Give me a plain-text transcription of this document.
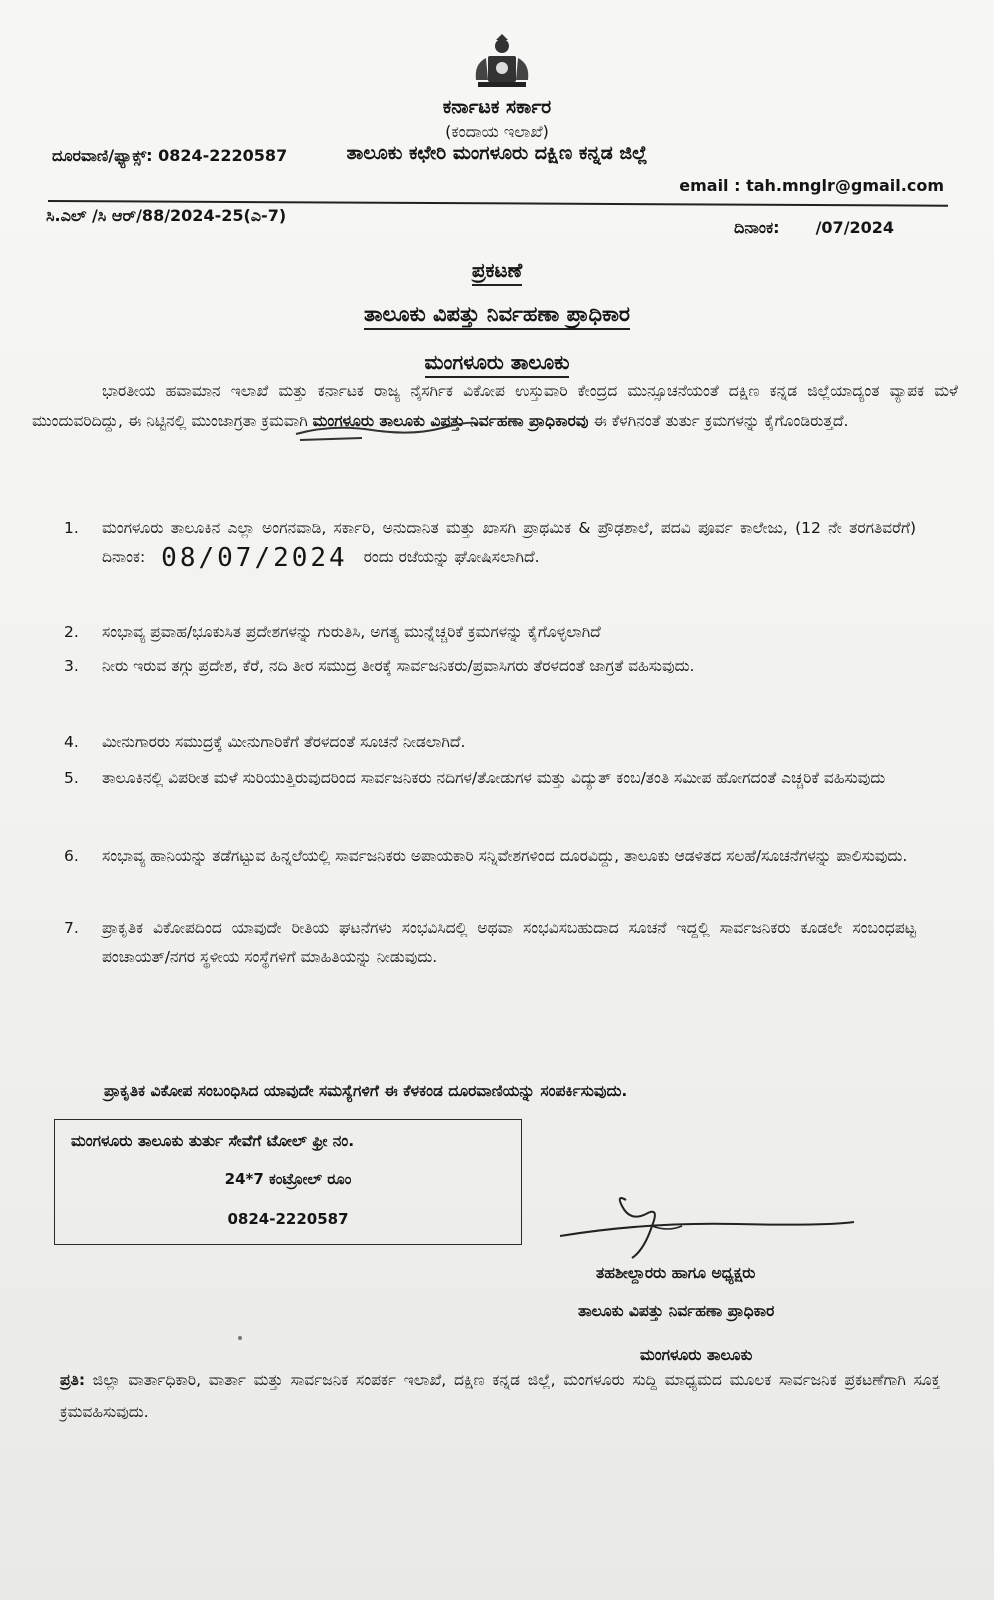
ಕರ್ನಾಟಕ ಸರ್ಕಾರ
(ಕಂದಾಯ ಇಲಾಖೆ)
ತಾಲೂಕು ಕಛೇರಿ ಮಂಗಳೂರು ದಕ್ಷಿಣ ಕನ್ನಡ ಜಿಲ್ಲೆ
ದೂರವಾಣಿ/ಫ್ಯಾಕ್ಸ್: 0824-2220587
email : tah.mnglr@gmail.com
ಸಿ.ಎಲ್ /ಸಿ ಆರ್/88/2024-25(ಎ-7)
ದಿನಾಂಕ: /07/2024
ಪ್ರಕಟಣೆ
ತಾಲೂಕು ವಿಪತ್ತು ನಿರ್ವಹಣಾ ಪ್ರಾಧಿಕಾರ
ಮಂಗಳೂರು ತಾಲೂಕು
ಭಾರತೀಯ ಹವಾಮಾನ ಇಲಾಖೆ ಮತ್ತು ಕರ್ನಾಟಕ ರಾಜ್ಯ ನೈಸರ್ಗಿಕ ವಿಕೋಪ ಉಸ್ತುವಾರಿ ಕೇಂದ್ರದ ಮುನ್ಸೂಚನೆಯಂತೆ ದಕ್ಷಿಣ ಕನ್ನಡ ಜಿಲ್ಲೆಯಾದ್ಯಂತ ವ್ಯಾಪಕ ಮಳೆ ಮುಂದುವರಿದಿದ್ದು, ಈ ನಿಟ್ಟಿನಲ್ಲಿ ಮುಂಜಾಗ್ರತಾ ಕ್ರಮವಾಗಿ ಮಂಗಳೂರು ತಾಲೂಕು ವಿಪತ್ತು ನಿರ್ವಹಣಾ ಪ್ರಾಧಿಕಾರವು ಈ ಕೆಳಗಿನಂತೆ ತುರ್ತು ಕ್ರಮಗಳನ್ನು ಕೈಗೊಂಡಿರುತ್ತದೆ.
1.	ಮಂಗಳೂರು ತಾಲೂಕಿನ ಎಲ್ಲಾ ಅಂಗನವಾಡಿ, ಸರ್ಕಾರಿ, ಅನುದಾನಿತ ಮತ್ತು ಖಾಸಗಿ ಪ್ರಾಥಮಿಕ & ಪ್ರೌಢಶಾಲೆ, ಪದವಿ ಪೂರ್ವ ಕಾಲೇಜು, (12 ನೇ ತರಗತಿವರೆಗೆ) ದಿನಾಂಕ: 08/07/2024 ರಂದು ರಜೆಯನ್ನು ಘೋಷಿಸಲಾಗಿದೆ.
2.	ಸಂಭಾವ್ಯ ಪ್ರವಾಹ/ಭೂಕುಸಿತ ಪ್ರದೇಶಗಳನ್ನು ಗುರುತಿಸಿ, ಅಗತ್ಯ ಮುನ್ನೆಚ್ಚರಿಕೆ ಕ್ರಮಗಳನ್ನು ಕೈಗೊಳ್ಳಲಾಗಿದೆ
3.	ನೀರು ಇರುವ ತಗ್ಗು ಪ್ರದೇಶ, ಕೆರೆ, ನದಿ ತೀರ ಸಮುದ್ರ ತೀರಕ್ಕೆ ಸಾರ್ವಜನಿಕರು/ಪ್ರವಾಸಿಗರು ತೆರಳದಂತೆ ಜಾಗ್ರತೆ ವಹಿಸುವುದು.
4.	ಮೀನುಗಾರರು ಸಮುದ್ರಕ್ಕೆ ಮೀನುಗಾರಿಕೆಗೆ ತೆರಳದಂತೆ ಸೂಚನೆ ನೀಡಲಾಗಿದೆ.
5.	ತಾಲೂಕಿನಲ್ಲಿ ವಿಪರೀತ ಮಳೆ ಸುರಿಯುತ್ತಿರುವುದರಿಂದ ಸಾರ್ವಜನಿಕರು ನದಿಗಳ/ತೋಡುಗಳ ಮತ್ತು ವಿದ್ಯುತ್ ಕಂಬ/ತಂತಿ ಸಮೀಪ ಹೋಗದಂತೆ ಎಚ್ಚರಿಕೆ ವಹಿಸುವುದು
6.	ಸಂಭಾವ್ಯ ಹಾನಿಯನ್ನು ತಡೆಗಟ್ಟುವ ಹಿನ್ನಲೆಯಲ್ಲಿ ಸಾರ್ವಜನಿಕರು ಅಪಾಯಕಾರಿ ಸನ್ನಿವೇಶಗಳಿಂದ ದೂರವಿದ್ದು, ತಾಲೂಕು ಆಡಳಿತದ ಸಲಹೆ/ಸೂಚನೆಗಳನ್ನು ಪಾಲಿಸುವುದು.
7.	ಪ್ರಾಕೃತಿಕ ವಿಕೋಪದಿಂದ ಯಾವುದೇ ರೀತಿಯ ಘಟನೆಗಳು ಸಂಭವಿಸಿದಲ್ಲಿ ಅಥವಾ ಸಂಭವಿಸಬಹುದಾದ ಸೂಚನೆ ಇದ್ದಲ್ಲಿ ಸಾರ್ವಜನಿಕರು ಕೂಡಲೇ ಸಂಬಂಧಪಟ್ಟ ಪಂಚಾಯತ್/ನಗರ ಸ್ಥಳೀಯ ಸಂಸ್ಥೆಗಳಿಗೆ ಮಾಹಿತಿಯನ್ನು ನೀಡುವುದು.
ಪ್ರಾಕೃತಿಕ ವಿಕೋಪ ಸಂಬಂಧಿಸಿದ ಯಾವುದೇ ಸಮಸ್ಯೆಗಳಿಗೆ ಈ ಕೆಳಕಂಡ ದೂರವಾಣಿಯನ್ನು ಸಂಪರ್ಕಿಸುವುದು.
ಮಂಗಳೂರು ತಾಲೂಕು ತುರ್ತು ಸೇವೆಗೆ ಟೋಲ್ ಫ್ರೀ ನಂ.
24*7 ಕಂಟ್ರೋಲ್ ರೂಂ
0824-2220587
ತಹಶೀಲ್ದಾರರು ಹಾಗೂ ಅಧ್ಯಕ್ಷರು
ತಾಲೂಕು ವಿಪತ್ತು ನಿರ್ವಹಣಾ ಪ್ರಾಧಿಕಾರ
ಮಂಗಳೂರು ತಾಲೂಕು
ಪ್ರತಿ: ಜಿಲ್ಲಾ ವಾರ್ತಾಧಿಕಾರಿ, ವಾರ್ತಾ ಮತ್ತು ಸಾರ್ವಜನಿಕ ಸಂಪರ್ಕ ಇಲಾಖೆ, ದಕ್ಷಿಣ ಕನ್ನಡ ಜಿಲ್ಲೆ, ಮಂಗಳೂರು ಸುದ್ದಿ ಮಾಧ್ಯಮದ ಮೂಲಕ ಸಾರ್ವಜನಿಕ ಪ್ರಕಟಣೆಗಾಗಿ ಸೂಕ್ತ ಕ್ರಮವಹಿಸುವುದು.
